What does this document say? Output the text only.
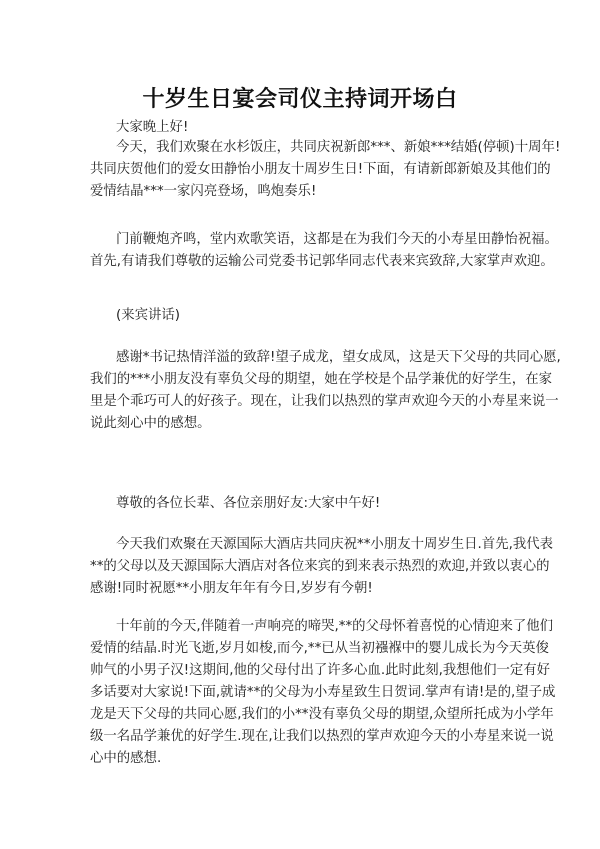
十岁生日宴会司仪主持词开场白
大家晚上好!
今天，我们欢聚在水杉饭庄，共同庆祝新郎***、新娘***结婚(停顿)十周年!
共同庆贺他们的爱女田静怡小朋友十周岁生日!下面，有请新郎新娘及其他们的
爱情结晶***一家闪亮登场，鸣炮奏乐!
门前鞭炮齐鸣，堂内欢歌笑语，这都是在为我们今天的小寿星田静怡祝福。
首先,有请我们尊敬的运输公司党委书记郭华同志代表来宾致辞,大家掌声欢迎。
(来宾讲话)
感谢*书记热情洋溢的致辞!望子成龙，望女成凤，这是天下父母的共同心愿,
我们的***小朋友没有辜负父母的期望，她在学校是个品学兼优的好学生，在家
里是个乖巧可人的好孩子。现在，让我们以热烈的掌声欢迎今天的小寿星来说一
说此刻心中的感想。
尊敬的各位长辈、各位亲朋好友:大家中午好!
今天我们欢聚在天源国际大酒店共同庆祝**小朋友十周岁生日.首先,我代表
**的父母以及天源国际大酒店对各位来宾的到来表示热烈的欢迎,并致以衷心的
感谢!同时祝愿**小朋友年年有今日,岁岁有今朝!
十年前的今天,伴随着一声响亮的啼哭,**的父母怀着喜悦的心情迎来了他们
爱情的结晶.时光飞逝,岁月如梭,而今,**已从当初襁褓中的婴儿成长为今天英俊
帅气的小男子汉!这期间,他的父母付出了许多心血.此时此刻,我想他们一定有好
多话要对大家说!下面,就请**的父母为小寿星致生日贺词.掌声有请!是的,望子成
龙是天下父母的共同心愿,我们的小**没有辜负父母的期望,众望所托成为小学年
级一名品学兼优的好学生.现在,让我们以热烈的掌声欢迎今天的小寿星来说一说
心中的感想.
